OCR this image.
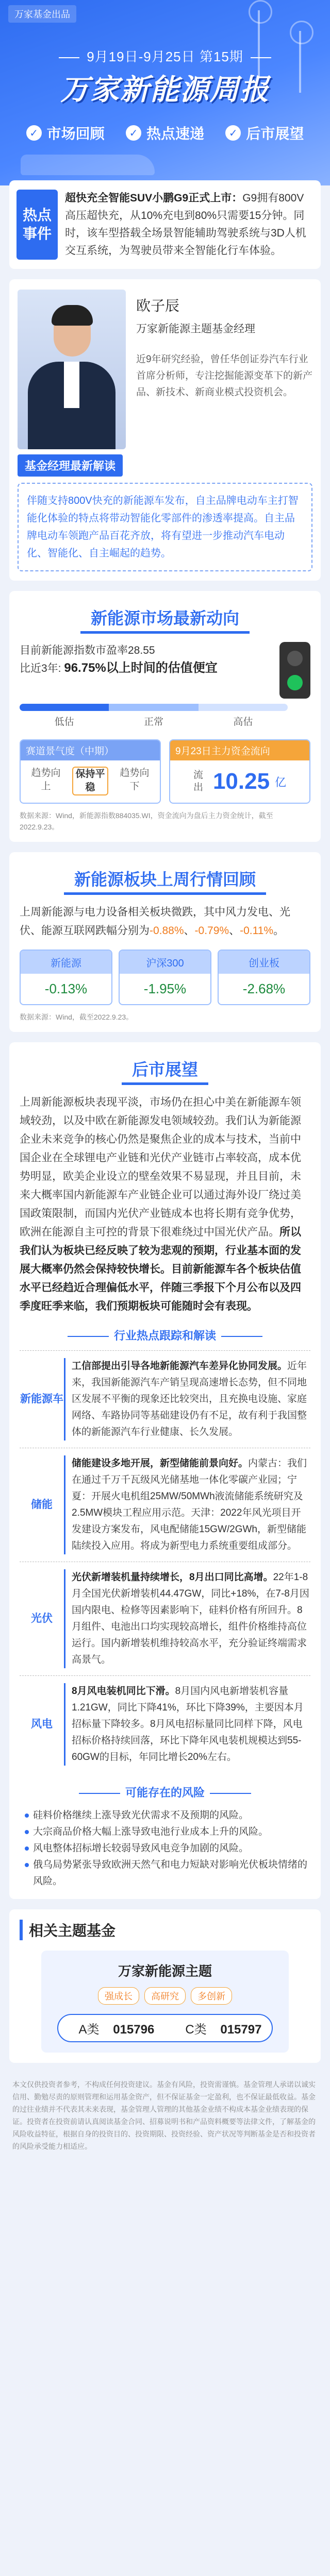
万家基金出品
9月19日-9月25日 第15期
万家新能源周报
✓ 市场回顾	✓ 热点速递	✓ 后市展望
热点事件
超快充全智能SUV小鹏G9正式上市：G9拥有800V高压超快充，从10%充电到80%只需要15分钟。同时，该车型搭载全场景智能辅助驾驶系统与3D人机交互系统，为驾驶员带来全智能化行车体验。
欧子辰
万家新能源主题基金经理
近9年研究经验，曾任华创证券汽车行业首席分析师，专注挖掘能源变革下的新产品、新技术、新商业模式投资机会。
基金经理最新解读
伴随支持800V快充的新能源车发布，自主品牌电动车主打智能化体验的特点将带动智能化零部件的渗透率提高。自主品牌电动车领跑产品百花齐放，将有望进一步推动汽车电动化、智能化、自主崛起的趋势。
新能源市场最新动向
目前新能源指数市盈率28.55
比近3年: 96.75%以上时间的估值便宜
低估	正常	高估
赛道景气度（中期）
趋势向上
保持平稳
趋势向下
9月23日主力资金流向
流出 10.25 亿
数据来源：Wind，新能源指数884035.WI，资金流向为盘后主力资金统计，截至2022.9.23。
新能源板块上周行情回顾
上周新能源与电力设备相关板块微跌，其中风力发电、光伏、能源互联网跌幅分别为-0.88%、-0.79%、-0.11%。
新能源
-0.13%
沪深300
-1.95%
创业板
-2.68%
数据来源：Wind，截至2022.9.23。
后市展望
上周新能源板块表现平淡，市场仍在担心中美在新能源车领域较劲，以及中欧在新能源发电领域较劲。我们认为新能源企业未来竞争的核心仍然是聚焦企业的成本与技术，当前中国企业在全球锂电产业链和光伏产业链市占率较高，成本优势明显，欧美企业设立的壁垒效果不易显现，并且目前，未来大概率国内新能源车产业链企业可以通过海外设厂绕过美国政策限制，而国内光伏产业链成本也将长期有竞争优势，欧洲在能源自主可控的背景下很难绕过中国光伏产品。所以我们认为板块已经反映了较为悲观的预期，行业基本面的发展大概率仍然会保持较快增长。目前新能源车各个板块估值水平已经趋近合理偏低水平，伴随三季报下个月公布以及四季度旺季来临，我们预期板块可能随时会有表现。
行业热点跟踪和解读
新能源车
工信部提出引导各地新能源汽车差异化协同发展。近年来，我国新能源汽车产销呈现高速增长态势，但不同地区发展不平衡的现象还比较突出，且充换电设施、家庭网络、车路协同等基础建设仍有不足，故有利于我国整体的新能源汽车行业健康、长久发展。
储能
储能建设多地开展，新型储能前景向好。内蒙古：我们在通过千万千瓦级风光储基地一体化零碳产业园；宁夏：开展火电机组25MW/50MWh液流储能系统研究及2.5MW模块工程应用示范。天津：2022年风光项目开发建设方案发布，风电配储能15GW/2GWh，新型储能陆续投入应用。将成为新型电力系统重要组成部分。
光伏
光伏新增装机量持续增长，8月出口同比高增。22年1-8月全国光伏新增装机44.47GW，同比+18%，在7-8月因国内限电、检修等因素影响下，硅料价格有所回升。8月组件、电池出口均实现较高增长，组件价格维持高位运行。国内新增装机维持较高水平，充分验证终端需求高景气。
风电
8月风电装机同比下滑。8月国内风电新增装机容量1.21GW，同比下降41%，环比下降39%，主要因本月招标量下降较多。8月风电招标量同比同样下降，风电招标价格持续回落，环比下降年风电装机规模达到55-60GW的目标，年同比增长20%左右。
可能存在的风险
硅料价格继续上涨导致光伏需求不及预期的风险。
大宗商品价格大幅上涨导致电池行业成本上升的风险。
风电整体招标增长较弱导致风电竞争加剧的风险。
俄乌局势紧张导致欧洲天然气和电力短缺对影响光伏板块情绪的风险。
相关主题基金
万家新能源主题
强成长	高研究	多创新
A类 015796	C类 015797
本文仅供投资者参考，不构成任何投资建议。基金有风险，投资需谨慎。基金管理人承诺以诚实信用、勤勉尽责的原则管理和运用基金资产，但不保证基金一定盈利，也不保证最低收益。基金的过往业绩并不代表其未来表现，基金管理人管理的其他基金业绩不构成本基金业绩表现的保证。投资者在投资前请认真阅读基金合同、招募说明书和产品资料概要等法律文件，了解基金的风险收益特征，根据自身的投资目的、投资期限、投资经验、资产状况等判断基金是否和投资者的风险承受能力相适应。
